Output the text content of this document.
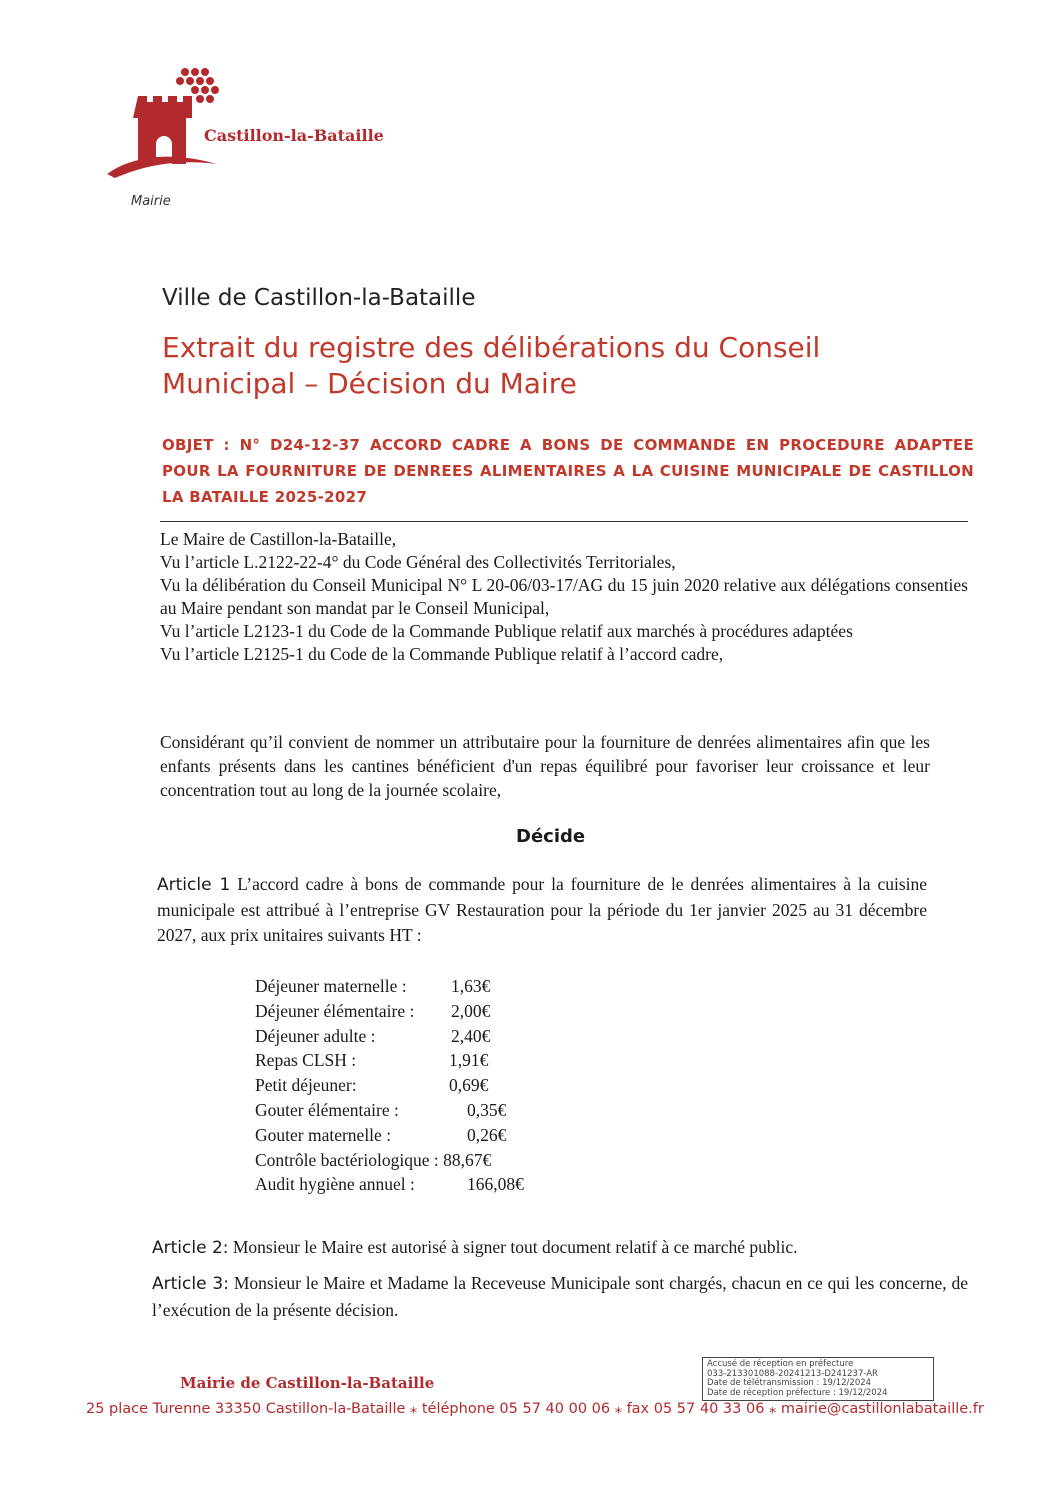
Castillon-la-Bataille
Mairie
Ville de Castillon-la-Bataille
Extrait du registre des délibérations du Conseil
Municipal – Décision du Maire
OBJET : N° D24-12-37 ACCORD CADRE A BONS DE COMMANDE EN PROCEDURE ADAPTEE POUR LA FOURNITURE DE DENREES ALIMENTAIRES A LA CUISINE MUNICIPALE DE CASTILLON LA BATAILLE 2025-2027

Le Maire de Castillon-la-Bataille,

Vu l’article L.2122-22-4° du Code Général des Collectivités Territoriales,

Vu la délibération du Conseil Municipal N° L 20-06/03-17/AG du 15 juin 2020 relative aux délégations consenties au Maire pendant son mandat par le Conseil Municipal,

Vu l’article L2123-1 du Code de la Commande Publique relatif aux marchés à procédures adaptées

Vu l’article L2125-1 du Code de la Commande Publique relatif à l’accord cadre,

Considérant qu’il convient de nommer un attributaire pour la fourniture de denrées alimentaires afin que les enfants présents dans les cantines bénéficient d'un repas équilibré pour favoriser leur croissance et leur concentration tout au long de la journée scolaire,
Décide
Article 1 L’accord cadre à bons de commande pour la fourniture de le denrées alimentaires à la cuisine municipale est attribué à l’entreprise GV Restauration pour la période du 1er janvier 2025 au 31 décembre 2027, aux prix unitaires suivants HT :
Déjeuner maternelle :	1,63€
Déjeuner élémentaire : 2,00€
Déjeuner adulte :	2,40€
Repas CLSH :	1,91€
Petit déjeuner:	0,69€
Gouter élémentaire :	0,35€
Gouter maternelle :	0,26€
Contrôle bactériologique : 88,67€
Audit hygiène annuel :	166,08€
Article 2: Monsieur le Maire est autorisé à signer tout document relatif à ce marché public.
Article 3: Monsieur le Maire et Madame la Receveuse Municipale sont chargés, chacun en ce qui les concerne, de l’exécution de la présente décision.
Mairie de Castillon-la-Bataille
25 place Turenne 33350 Castillon-la-Bataille ⁎ téléphone 05 57 40 00 06 ⁎ fax 05 57 40 33 06 ⁎ mairie@castillonlabataille.fr
Accusé de réception en préfecture
033-213301088-20241213-D241237-AR
Date de télétransmission : 19/12/2024
Date de réception préfecture : 19/12/2024
